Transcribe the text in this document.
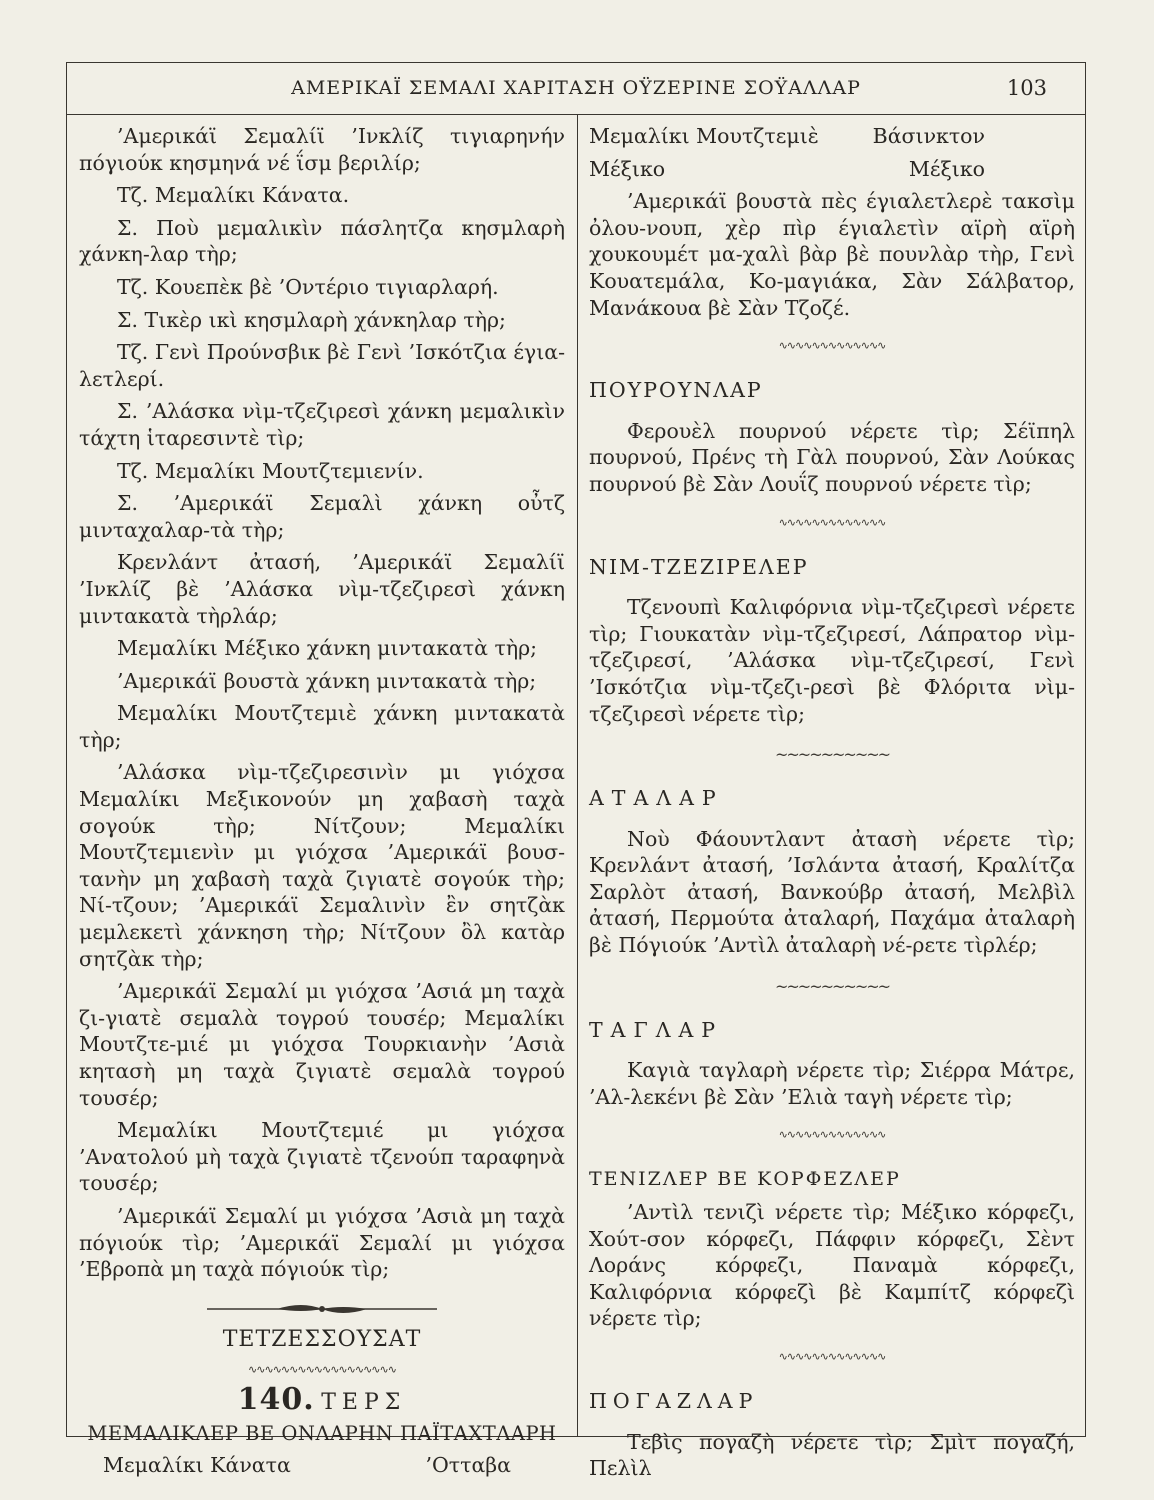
ΑΜΕΡΙΚΑΪ ΣΕΜΑΛΙ ΧΑΡΙΤΑΣΗ ΟΫΖΕΡΙΝΕ ΣΟΫΑΛΛΑΡ	103

’Αμερικάϊ Σεμαλίϊ ’Ινκλίζ τιγιαρηνήν πόγιούκ κησμηνά νέ ΐσμ βεριλίρ;

Τζ. Μεμαλίκι Κάνατα.

Σ. Ποὺ μεμαλικὶν πάσλητζα κησμλαρὴ χάνκη-λαρ τὴρ;

Τζ. Κουεπὲκ βὲ ’Οντέριο τιγιαρλαρή.

Σ. Τικὲρ ικὶ κησμλαρὴ χάνκηλαρ τὴρ;

Τζ. Γενὶ Προύνσβικ βὲ Γενὶ ’Ισκότζια έγια-λετλερί.

Σ. ’Αλάσκα νὶμ-τζεζιρεσὶ χάνκη μεμαλικὶν τάχτη ἱταρεσιντὲ τὶρ;

Τζ. Μεμαλίκι Μουτζτεμιενίν.

Σ. ’Αμερικάϊ Σεμαλὶ χάνκη οὖτζ μινταχαλαρ-τὰ τὴρ;

Κρενλάντ ἀτασή, ’Αμερικάϊ Σεμαλίϊ ’Ινκλίζ βὲ ’Αλάσκα νὶμ-τζεζιρεσὶ χάνκη μιντακατὰ τὴρλάρ;

Μεμαλίκι Μέξικο χάνκη μιντακατὰ τὴρ;

’Αμερικάϊ βουστὰ χάνκη μιντακατὰ τὴρ;

Μεμαλίκι Μουτζτεμιὲ χάνκη μιντακατὰ τὴρ;

’Αλάσκα νὶμ-τζεζιρεσινὶν μι γιόχσα Μεμαλίκι Μεξικονούν μη χαβασὴ ταχὰ σογούκ τὴρ; Νίτζουν; Μεμαλίκι Μουτζτεμιενὶν μι γιόχσα ’Αμερικάϊ βουσ-τανὴν μη χαβασὴ ταχὰ ζιγιατὲ σογούκ τὴρ; Νί-τζουν; ’Αμερικάϊ Σεμαλινὶν ἒν σητζὰκ μεμλεκετὶ χάνκηση τὴρ; Νίτζουν ὂλ κατὰρ σητζὰκ τὴρ;

’Αμερικάϊ Σεμαλί μι γιόχσα ’Ασιά μη ταχὰ ζι-γιατὲ σεμαλὰ τογρού τουσέρ; Μεμαλίκι Μουτζτε-μιέ μι γιόχσα Τουρκιανὴν ’Ασιὰ κητασὴ μη ταχὰ ζιγιατὲ σεμαλὰ τογρού τουσέρ;

Μεμαλίκι Μουτζτεμιέ μι γιόχσα ’Ανατολού μὴ ταχὰ ζιγιατὲ τζενούπ ταραφηνὰ τουσέρ;

’Αμερικάϊ Σεμαλί μι γιόχσα ’Ασιὰ μη ταχὰ πόγιούκ τὶρ; ’Αμερικάϊ Σεμαλί μι γιόχσα ’Εβροπὰ μη ταχὰ πόγιούκ τὶρ;

ΤΕΤΖΕΣΣΟΥΣΑΤ
∿∿∿∿∿∿∿∿∿∿∿∿∿∿∿∿∿∿
140. ΤΕΡΣ
ΜΕΜΑΛΙΚΛΕΡ ΒΕ ΟΝΛΑΡΗΝ ΠΑΪΤΑΧΤΛΑΡΗ
Μεμαλίκι Κάνατα	’Οτταβα
Μεμαλίκι Μουτζτεμιὲ	Βάσινκτον
Μέξικο	Μέξικο

’Αμερικάϊ βουστὰ πὲς έγιαλετλερὲ τακσὶμ ὀλου-νουπ, χὲρ πὶρ έγιαλετὶν αϊρὴ αϊρὴ χουκουμέτ μα-χαλὶ βὰρ βὲ πουνλὰρ τὴρ, Γενὶ Κουατεμάλα, Κο-μαγιάκα, Σὰν Σάλβατορ, Μανάκουα βὲ Σὰν Τζοζέ.

∿∿∿∿∿∿∿∿∿∿∿∿∿

ΠΟΥΡΟΥΝΛΑΡ

Φερουὲλ πουρνού νέρετε τὶρ; Σέϊπηλ πουρνού, Πρένς τὴ Γὰλ πουρνού, Σὰν Λούκας πουρνού βὲ Σὰν Λουΐζ πουρνού νέρετε τὶρ;

∿∿∿∿∿∿∿∿∿∿∿∿∿

ΝΙΜ-ΤΖΕΖΙΡΕΛΕΡ

Τζενουπὶ Καλιφόρνια νὶμ-τζεζιρεσὶ νέρετε τὶρ; Γιουκατὰν νὶμ-τζεζιρεσί, Λάπρατορ νὶμ-τζεζιρεσί, ’Αλάσκα νὶμ-τζεζιρεσί, Γενὶ ’Ισκότζια νὶμ-τζεζι-ρεσὶ βὲ Φλόριτα νὶμ-τζεζιρεσὶ νέρετε τὶρ;

~~~~~~~~~~

ΑΤΑΛΑΡ

Νοὺ Φάουντλαντ ἀτασὴ νέρετε τὶρ; Κρενλάντ ἀτασή, ’Ισλάντα ἀτασή, Κραλίτζα Σαρλὸτ ἀτασή, Βανκούβρ ἀτασή, Μελβὶλ ἀτασή, Περμούτα ἀταλαρή, Παχάμα ἀταλαρὴ βὲ Πόγιούκ ’Αντὶλ ἀταλαρὴ νέ-ρετε τὶρλέρ;

~~~~~~~~~~

ΤΑΓΛΑΡ

Καγιὰ ταγλαρὴ νέρετε τὶρ; Σιέρρα Μάτρε, ’Αλ-λεκένι βὲ Σὰν ’Ελιὰ ταγὴ νέρετε τὶρ;

∿∿∿∿∿∿∿∿∿∿∿∿∿

ΤΕΝΙΖΛΕΡ ΒΕ ΚΟΡΦΕΖΛΕΡ

’Αντὶλ τενιζὶ νέρετε τὶρ; Μέξικο κόρφεζι, Χούτ-σον κόρφεζι, Πάφφιν κόρφεζι, Σὲντ Λοράνς κόρφεζι, Παναμὰ κόρφεζι, Καλιφόρνια κόρφεζὶ βὲ Καμπίτζ κόρφεζὶ νέρετε τὶρ;

∿∿∿∿∿∿∿∿∿∿∿∿∿

ΠΟΓΑΖΛΑΡ

Τεβὶς πογαζὴ νέρετε τὶρ; Σμὶτ πογαζή, Πελὶλ
